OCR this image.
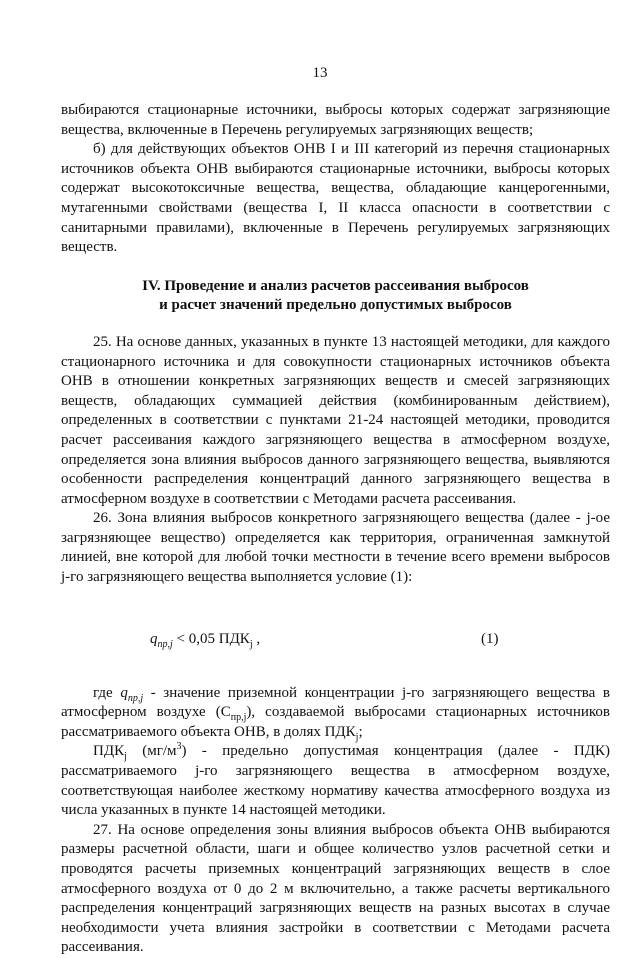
13

выбираются стационарные источники, выбросы которых содержат загрязняющие вещества, включенные в Перечень регулируемых загрязняющих веществ;

б) для действующих объектов ОНВ I и III категорий из перечня стационарных источников объекта ОНВ выбираются стационарные источники, выбросы которых содержат высокотоксичные вещества, вещества, обладающие канцерогенными, мутагенными свойствами (вещества I, II класса опасности в соответствии с санитарными правилами), включенные в Перечень регулируемых загрязняющих веществ.

IV. Проведение и анализ расчетов рассеивания выбросов
и расчет значений предельно допустимых выбросов

25. На основе данных, указанных в пункте 13 настоящей методики, для каждого стационарного источника и для совокупности стационарных источников объекта ОНВ в отношении конкретных загрязняющих веществ и смесей загрязняющих веществ, обладающих суммацией действия (комбинированным действием), определенных в соответствии с пунктами 21-24 настоящей методики, проводится расчет рассеивания каждого загрязняющего вещества в атмосферном воздухе, определяется зона влияния выбросов данного загрязняющего вещества, выявляются особенности распределения концентраций данного загрязняющего вещества в атмосферном воздухе в соответствии с Методами расчета рассеивания.

26. Зона влияния выбросов конкретного загрязняющего вещества (далее - j-ое загрязняющее вещество) определяется как территория, ограниченная замкнутой линией, вне которой для любой точки местности в течение всего времени выбросов j-го загрязняющего вещества выполняется условие (1):

$q_{пр,j} < 0,05$ $ПДК_j$ ,	(1)

где $q_{пр,j}$ - значение приземной концентрации j-го загрязняющего вещества в атмосферном воздухе $(С_{пр,j})$, создаваемой выбросами стационарных источников рассматриваемого объекта ОНВ, в долях $ПДК_j$;

$ПДК_j$ $(мг/м^3)$ - предельно допустимая концентрация (далее - ПДК) рассматриваемого j-го загрязняющего вещества в атмосферном воздухе, соответствующая наиболее жесткому нормативу качества атмосферного воздуха из числа указанных в пункте 14 настоящей методики.

27. На основе определения зоны влияния выбросов объекта ОНВ выбираются размеры расчетной области, шаги и общее количество узлов расчетной сетки и проводятся расчеты приземных концентраций загрязняющих веществ в слое атмосферного воздуха от 0 до 2 м включительно, а также расчеты вертикального распределения концентраций загрязняющих веществ на разных высотах в случае необходимости учета влияния застройки в соответствии с Методами расчета рассеивания.
